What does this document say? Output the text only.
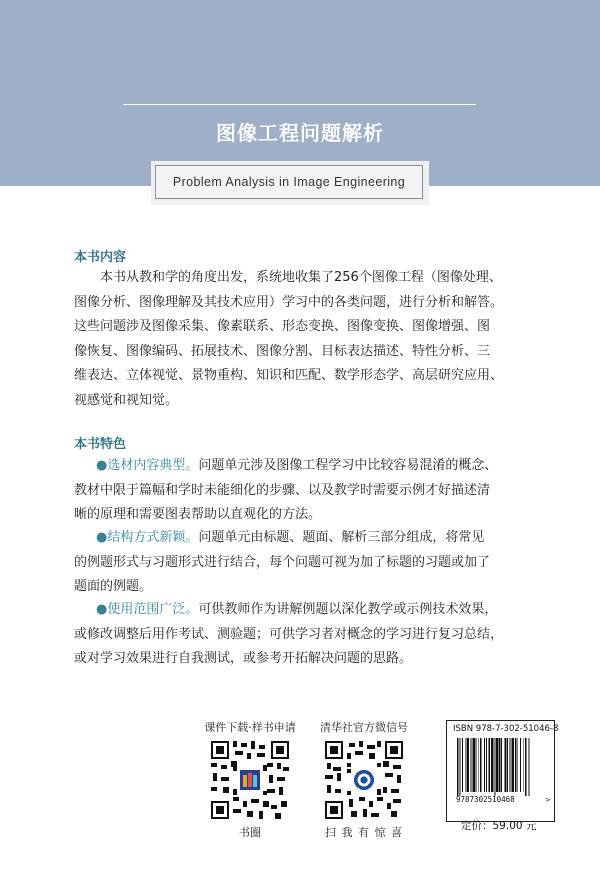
图像工程问题解析
Problem Analysis in Image Engineering
本书内容

本书从教和学的角度出发，系统地收集了256个图像工程（图像处理、
图像分析、图像理解及其技术应用）学习中的各类问题，进行分析和解答。
这些问题涉及图像采集、像素联系、形态变换、图像变换、图像增强、图
像恢复、图像编码、拓展技术、图像分割、目标表达描述、特性分析、三
维表达、立体视觉、景物重构、知识和匹配、数学形态学、高层研究应用、
视感觉和视知觉。

本书特色

●选材内容典型。问题单元涉及图像工程学习中比较容易混淆的概念、
教材中限于篇幅和学时未能细化的步骤、以及教学时需要示例才好描述清
晰的原理和需要图表帮助以直观化的方法。

●结构方式新颖。问题单元由标题、题面、解析三部分组成，将常见
的例题形式与习题形式进行结合，每个问题可视为加了标题的习题或加了
题面的例题。

●使用范围广泛。可供教师作为讲解例题以深化教学或示例技术效果，
或修改调整后用作考试、测验题；可供学习者对概念的学习进行复习总结，
或对学习效果进行自我测试，或参考开拓解决问题的思路。

课件下载·样书申请
书圈
清华社官方微信号
扫 我 有 惊 喜
ISBN 978-7-302-51046-8
9787302510468	>
定价：59.00 元
